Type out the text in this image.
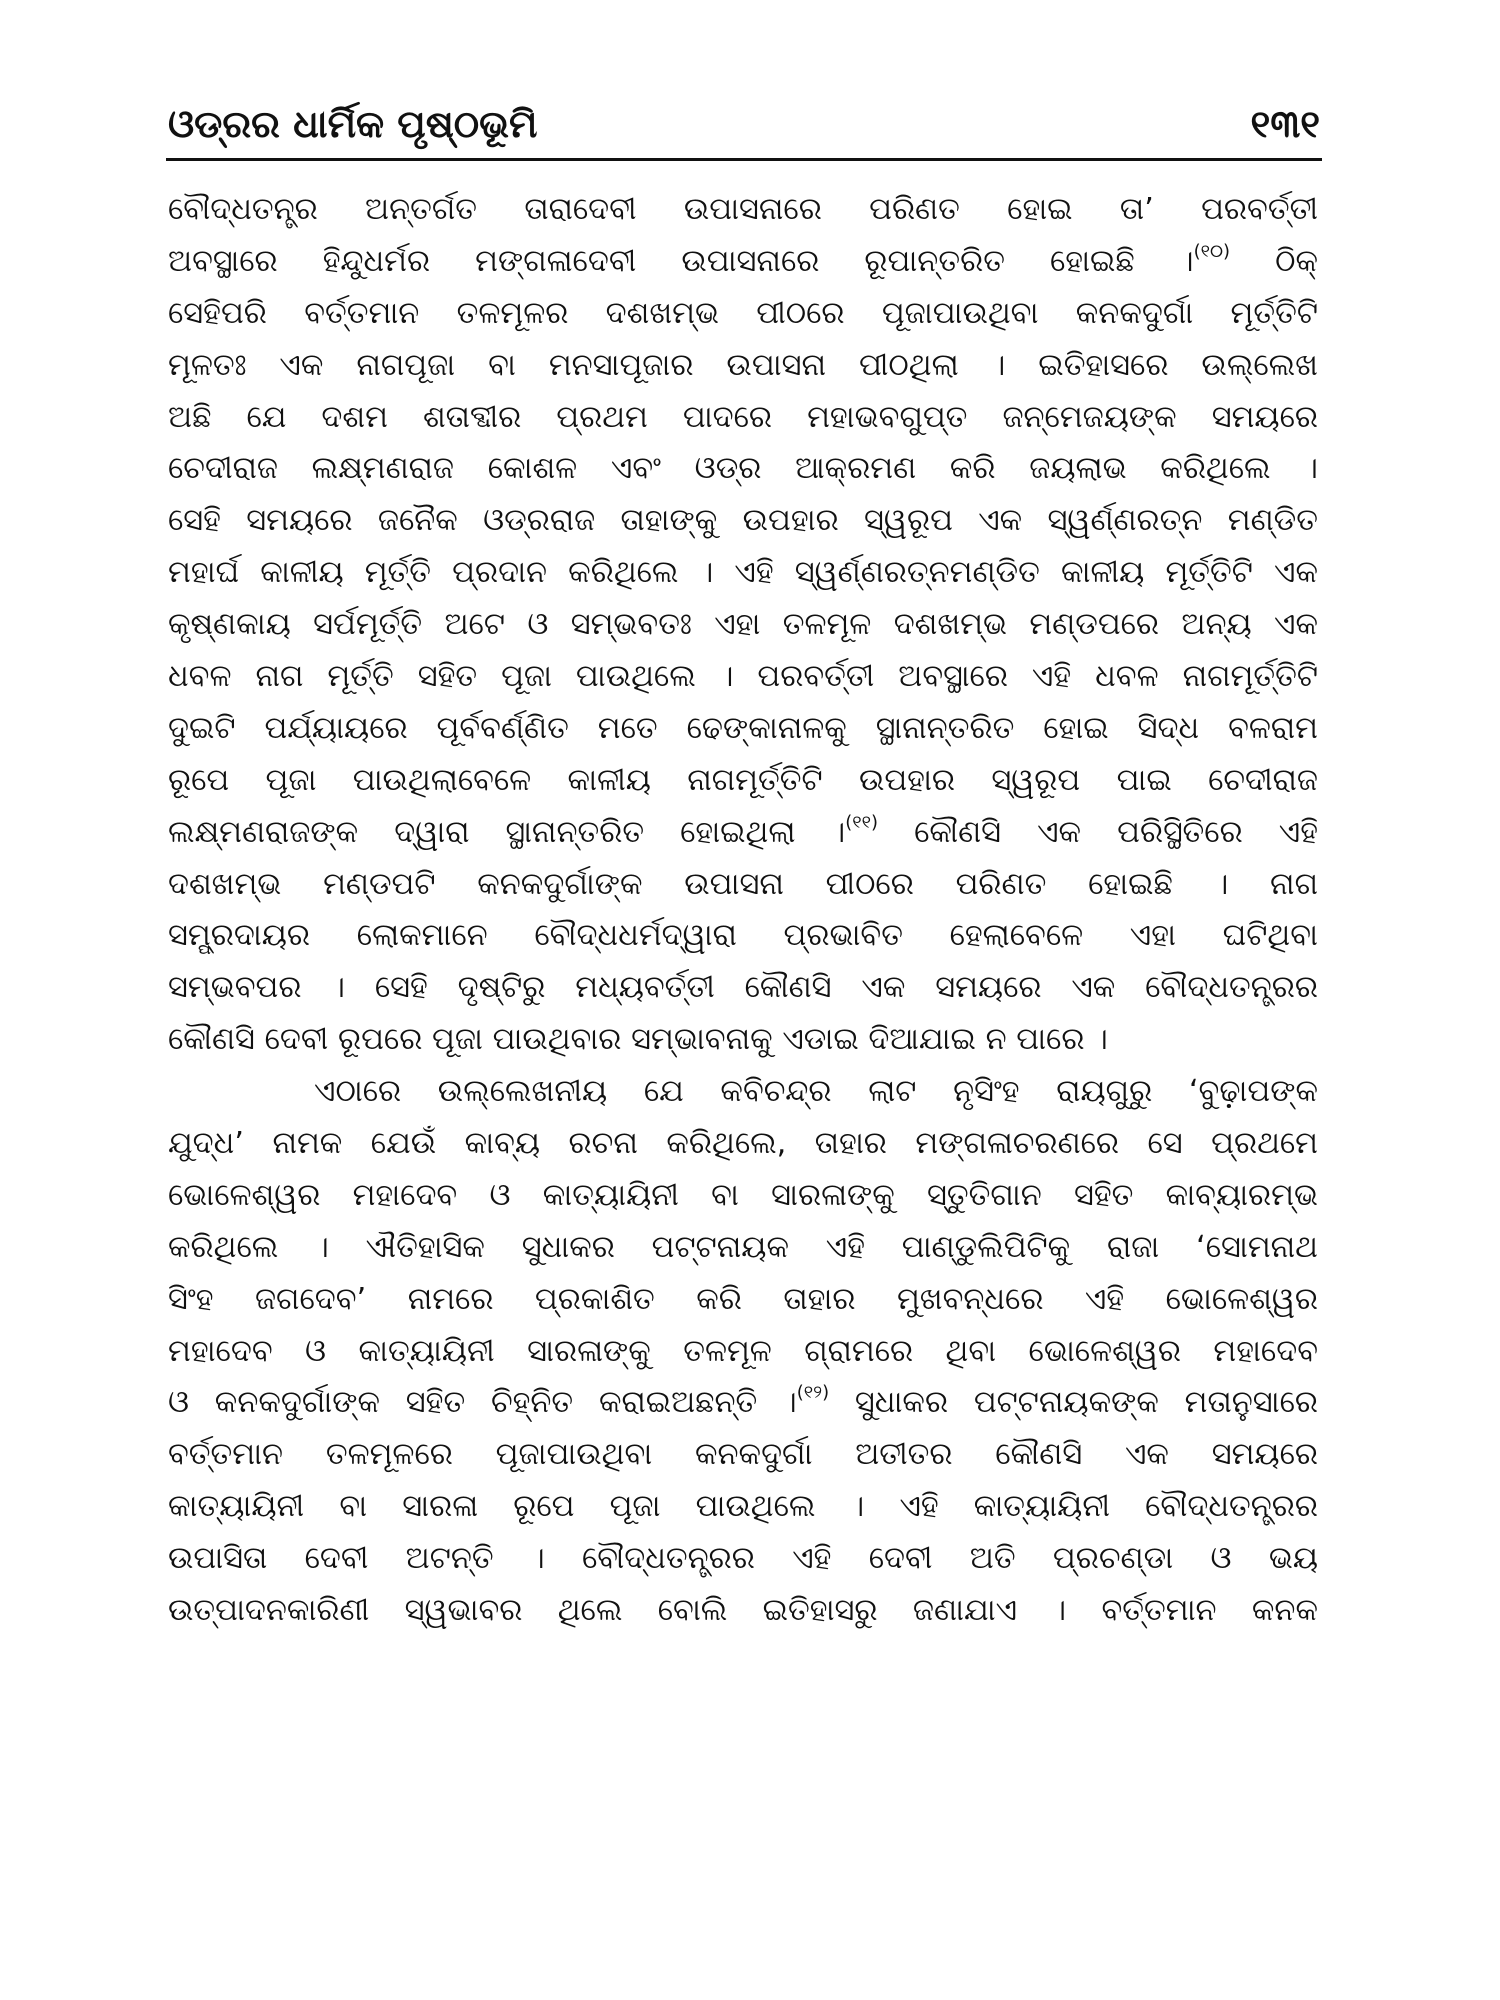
ଓଡ୍ରର ଧାର୍ମିକ ପୃଷ୍ଠଭୂମି	୧୩୧
ବୌଦ୍ଧତନ୍ତ୍ର ଅନ୍ତର୍ଗତ ତାରାଦେବୀ ଉପାସନାରେ ପରିଣତ ହୋଇ ତା’ ପରବର୍ତ୍ତୀ
ଅବସ୍ଥାରେ ହିନ୍ଦୁଧର୍ମର ମଙ୍ଗଳାଦେବୀ ଉପାସନାରେ ରୂପାନ୍ତରିତ ହୋଇଛି ।$^{(୧୦)}$ ଠିକ୍
ସେହିପରି ବର୍ତ୍ତମାନ ତଳମୂଳର ଦଶଖମ୍ଭ ପୀଠରେ ପୂଜାପାଉଥିବା କନକଦୁର୍ଗା ମୂର୍ତ୍ତିଟି
ମୂଳତଃ ଏକ ନାଗପୂଜା ବା ମନସାପୂଜାର ଉପାସନା ପୀଠଥିଲା । ଇତିହାସରେ ଉଲ୍ଲେଖ
ଅଛି ଯେ ଦଶମ ଶତାବ୍ଦୀର ପ୍ରଥମ ପାଦରେ ମହାଭବଗୁପ୍ତ ଜନ୍ମେଜୟଙ୍କ ସମୟରେ
ଚେଦୀରାଜ ଲକ୍ଷ୍ମଣରାଜ କୋଶଳ ଏବଂ ଓଡ୍ର ଆକ୍ରମଣ କରି ଜୟଲାଭ କରିଥିଲେ ।
ସେହି ସମୟରେ ଜନୈକ ଓଡ୍ରରାଜ ତାହାଙ୍କୁ ଉପହାର ସ୍ୱରୂପ ଏକ ସ୍ୱର୍ଣ୍ଣରତ୍ନ ମଣ୍ଡିତ
ମହାର୍ଘ କାଳୀୟ ମୂର୍ତ୍ତି ପ୍ରଦାନ କରିଥିଲେ । ଏହି ସ୍ୱର୍ଣ୍ଣରତ୍ନମଣ୍ଡିତ କାଳୀୟ ମୂର୍ତ୍ତିଟି ଏକ
କୃଷ୍ଣକାୟ ସର୍ପମୂର୍ତ୍ତି ଅଟେ ଓ ସମ୍ଭବତଃ ଏହା ତଳମୂଳ ଦଶଖମ୍ଭ ମଣ୍ଡପରେ ଅନ୍ୟ ଏକ
ଧବଳ ନାଗ ମୂର୍ତ୍ତି ସହିତ ପୂଜା ପାଉଥିଲେ । ପରବର୍ତ୍ତୀ ଅବସ୍ଥାରେ ଏହି ଧବଳ ନାଗମୂର୍ତ୍ତିଟି
ଦୁଇଟି ପର୍ଯ୍ୟାୟରେ ପୂର୍ବବର୍ଣ୍ଣିତ ମତେ ଢେଙ୍କାନାଳକୁ ସ୍ଥାନାନ୍ତରିତ ହୋଇ ସିଦ୍ଧ ବଳରାମ
ରୂପେ ପୂଜା ପାଉଥିଲାବେଳେ କାଳୀୟ ନାଗମୂର୍ତ୍ତିଟି ଉପହାର ସ୍ୱରୂପ ପାଇ ଚେଦୀରାଜ
ଲକ୍ଷ୍ମଣରାଜଙ୍କ ଦ୍ୱାରା ସ୍ଥାନାନ୍ତରିତ ହୋଇଥିଲା ।$^{(୧୧)}$ କୌଣସି ଏକ ପରିସ୍ଥିତିରେ ଏହି
ଦଶଖମ୍ଭ ମଣ୍ଡପଟି କନକଦୁର୍ଗାଙ୍କ ଉପାସନା ପୀଠରେ ପରିଣତ ହୋଇଛି । ନାଗ
ସମ୍ପ୍ରଦାୟର ଲୋକମାନେ ବୌଦ୍ଧଧର୍ମଦ୍ୱାରା ପ୍ରଭାବିତ ହେଲାବେଳେ ଏହା ଘଟିଥିବା
ସମ୍ଭବପର । ସେହି ଦୃଷ୍ଟିରୁ ମଧ୍ୟବର୍ତ୍ତୀ କୌଣସି ଏକ ସମୟରେ ଏକ ବୌଦ୍ଧତନ୍ତ୍ରର
କୌଣସି ଦେବୀ ରୂପରେ ପୂଜା ପାଉଥିବାର ସମ୍ଭାବନାକୁ ଏଡାଇ ଦିଆଯାଇ ନ ପାରେ ।
ଏଠାରେ ଉଲ୍ଲେଖନୀୟ ଯେ କବିଚନ୍ଦ୍ର ଲାଟ ନୃସିଂହ ରାୟଗୁରୁ ‘ବୁଢ଼ାପଙ୍କ
ଯୁଦ୍ଧ’ ନାମକ ଯେଉଁ କାବ୍ୟ ରଚନା କରିଥିଲେ, ତାହାର ମଙ୍ଗଳାଚରଣରେ ସେ ପ୍ରଥମେ
ଭୋଳେଶ୍ୱର ମହାଦେବ ଓ କାତ୍ୟାୟିନୀ ବା ସାରଳାଙ୍କୁ ସ୍ତୁତିଗାନ ସହିତ କାବ୍ୟାରମ୍ଭ
କରିଥିଲେ । ଐତିହାସିକ ସୁଧାକର ପଟ୍ଟନାୟକ ଏହି ପାଣ୍ଡୁଲିପିଟିକୁ ରାଜା ‘ସୋମନାଥ
ସିଂହ ଜଗଦେବ’ ନାମରେ ପ୍ରକାଶିତ କରି ତାହାର ମୁଖବନ୍ଧରେ ଏହି ଭୋଳେଶ୍ୱର
ମହାଦେବ ଓ କାତ୍ୟାୟିନୀ ସାରଳାଙ୍କୁ ତଳମୂଳ ଗ୍ରାମରେ ଥିବା ଭୋଳେଶ୍ୱର ମହାଦେବ
ଓ କନକଦୁର୍ଗାଙ୍କ ସହିତ ଚିହ୍ନିତ କରାଇଅଛନ୍ତି ।$^{(୧୨)}$ ସୁଧାକର ପଟ୍ଟନାୟକଙ୍କ ମତାନୁସାରେ
ବର୍ତ୍ତମାନ ତଳମୂଳରେ ପୂଜାପାଉଥିବା କନକଦୁର୍ଗା ଅତୀତର କୌଣସି ଏକ ସମୟରେ
କାତ୍ୟାୟିନୀ ବା ସାରଳା ରୂପେ ପୂଜା ପାଉଥିଲେ । ଏହି କାତ୍ୟାୟିନୀ ବୌଦ୍ଧତନ୍ତ୍ରର
ଉପାସିତା ଦେବୀ ଅଟନ୍ତି । ବୌଦ୍ଧତନ୍ତ୍ରର ଏହି ଦେବୀ ଅତି ପ୍ରଚଣ୍ଡା ଓ ଭୟ
ଉତ୍ପାଦନକାରିଣୀ ସ୍ୱଭାବର ଥିଲେ ବୋଲି ଇତିହାସରୁ ଜଣାଯାଏ । ବର୍ତ୍ତମାନ କନକ
